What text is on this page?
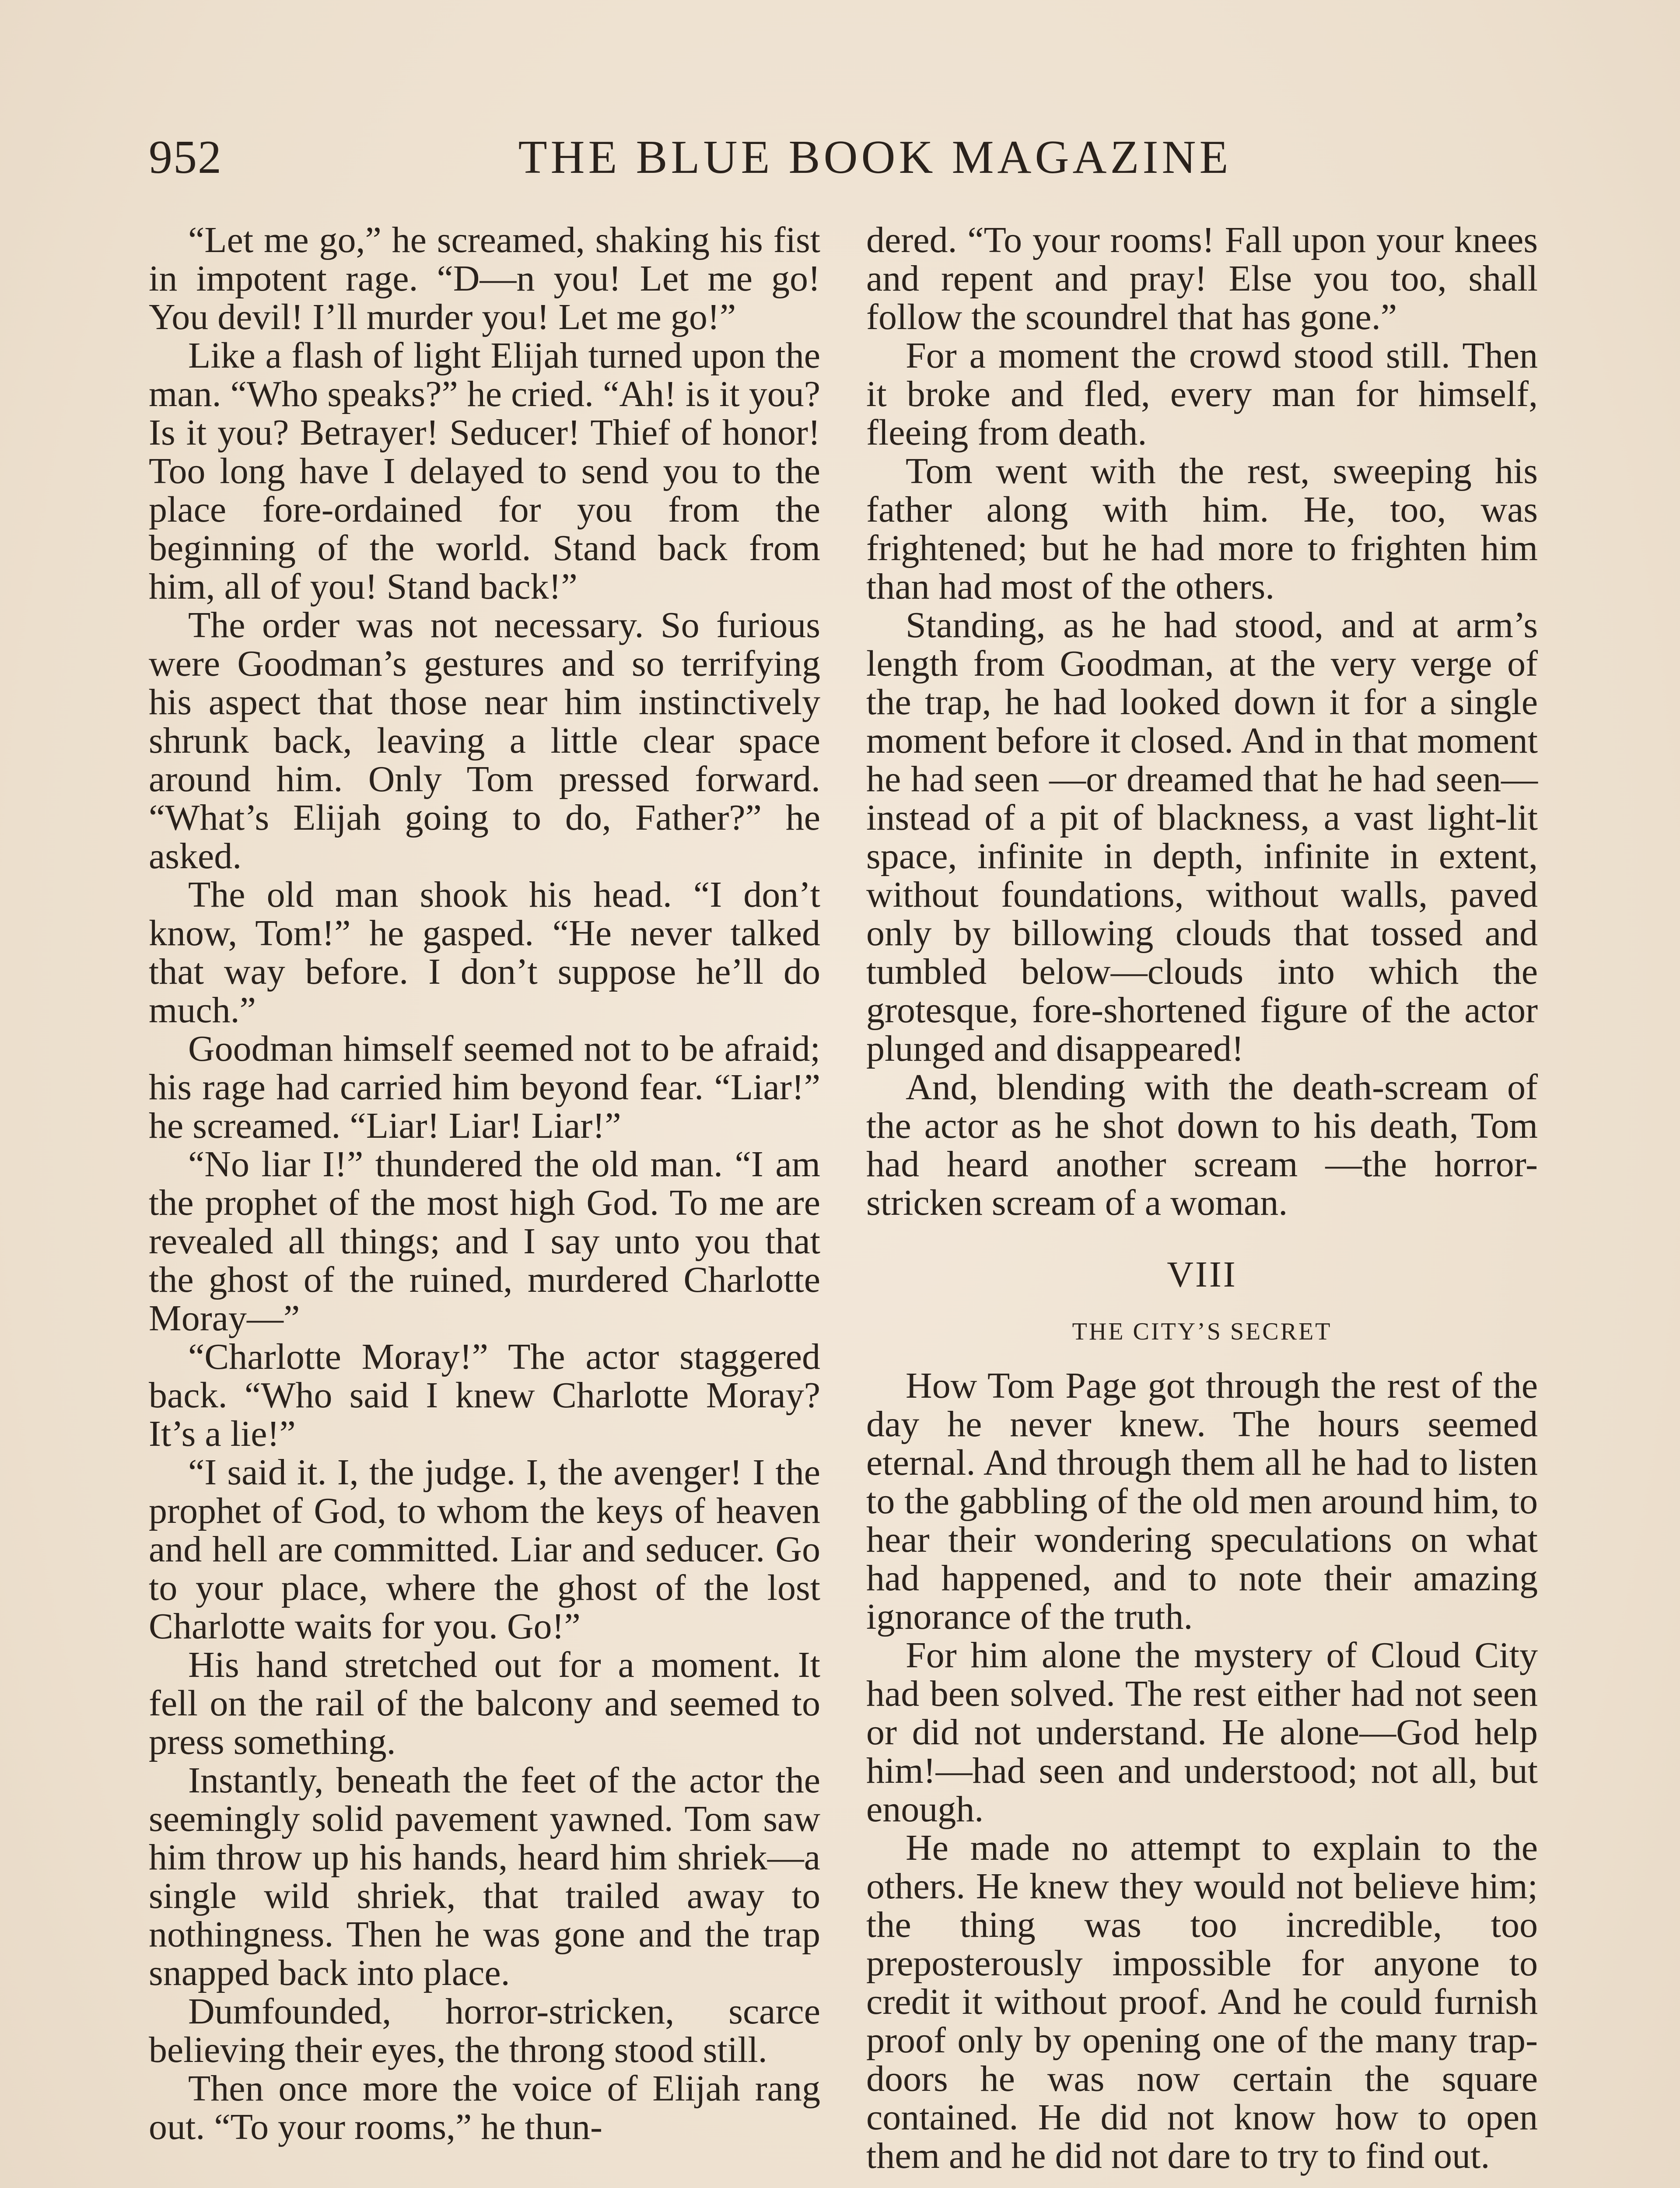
952	THE BLUE BOOK MAGAZINE

“Let me go,” he screamed, shaking his fist in impotent rage. “D—n you! Let me go! You devil! I’ll murder you! Let me go!”

Like a flash of light Elijah turned upon the man. “Who speaks?” he cried. “Ah! is it you? Is it you? Betrayer! Seducer! Thief of honor! Too long have I delayed to send you to the place fore-ordained for you from the beginning of the world. Stand back from him, all of you! Stand back!”

The order was not necessary. So furious were Goodman’s gestures and so terrifying his aspect that those near him instinctively shrunk back, leaving a little clear space around him. Only Tom pressed forward. “What’s Elijah going to do, Father?” he asked.

The old man shook his head. “I don’t know, Tom!” he gasped. “He never talked that way before. I don’t suppose he’ll do much.”

Goodman himself seemed not to be afraid; his rage had carried him beyond fear. “Liar!” he screamed. “Liar! Liar! Liar!”

“No liar I!” thundered the old man. “I am the prophet of the most high God. To me are revealed all things; and I say unto you that the ghost of the ruined, murdered Charlotte Moray—”

“Charlotte Moray!” The actor staggered back. “Who said I knew Charlotte Moray? It’s a lie!”

“I said it. I, the judge. I, the avenger! I the prophet of God, to whom the keys of heaven and hell are committed. Liar and seducer. Go to your place, where the ghost of the lost Charlotte waits for you. Go!”

His hand stretched out for a moment. It fell on the rail of the balcony and seemed to press something.

Instantly, beneath the feet of the actor the seemingly solid pavement yawned. Tom saw him throw up his hands, heard him shriek—a single wild shriek, that trailed away to nothingness. Then he was gone and the trap snapped back into place.

Dumfounded, horror-stricken, scarce believing their eyes, the throng stood still.

Then once more the voice of Elijah rang out. “To your rooms,” he thun-

dered. “To your rooms! Fall upon your knees and repent and pray! Else you too, shall follow the scoundrel that has gone.”

For a moment the crowd stood still. Then it broke and fled, every man for himself, fleeing from death.

Tom went with the rest, sweeping his father along with him. He, too, was frightened; but he had more to frighten him than had most of the others.

Standing, as he had stood, and at arm’s length from Goodman, at the very verge of the trap, he had looked down it for a single moment before it closed. And in that moment he had seen —or dreamed that he had seen—instead of a pit of blackness, a vast light-lit space, infinite in depth, infinite in extent, without foundations, without walls, paved only by billowing clouds that tossed and tumbled below—clouds into which the grotesque, fore-shortened figure of the actor plunged and disappeared!

And, blending with the death-scream of the actor as he shot down to his death, Tom had heard another scream —the horror-stricken scream of a woman.

VIII

THE CITY’S SECRET

How Tom Page got through the rest of the day he never knew. The hours seemed eternal. And through them all he had to listen to the gabbling of the old men around him, to hear their wondering speculations on what had happened, and to note their amazing ignorance of the truth.

For him alone the mystery of Cloud City had been solved. The rest either had not seen or did not understand. He alone—God help him!—had seen and understood; not all, but enough.

He made no attempt to explain to the others. He knew they would not believe him; the thing was too incredible, too preposterously impossible for anyone to credit it without proof. And he could furnish proof only by opening one of the many trap-doors he was now certain the square contained. He did not know how to open them and he did not dare to try to find out.
